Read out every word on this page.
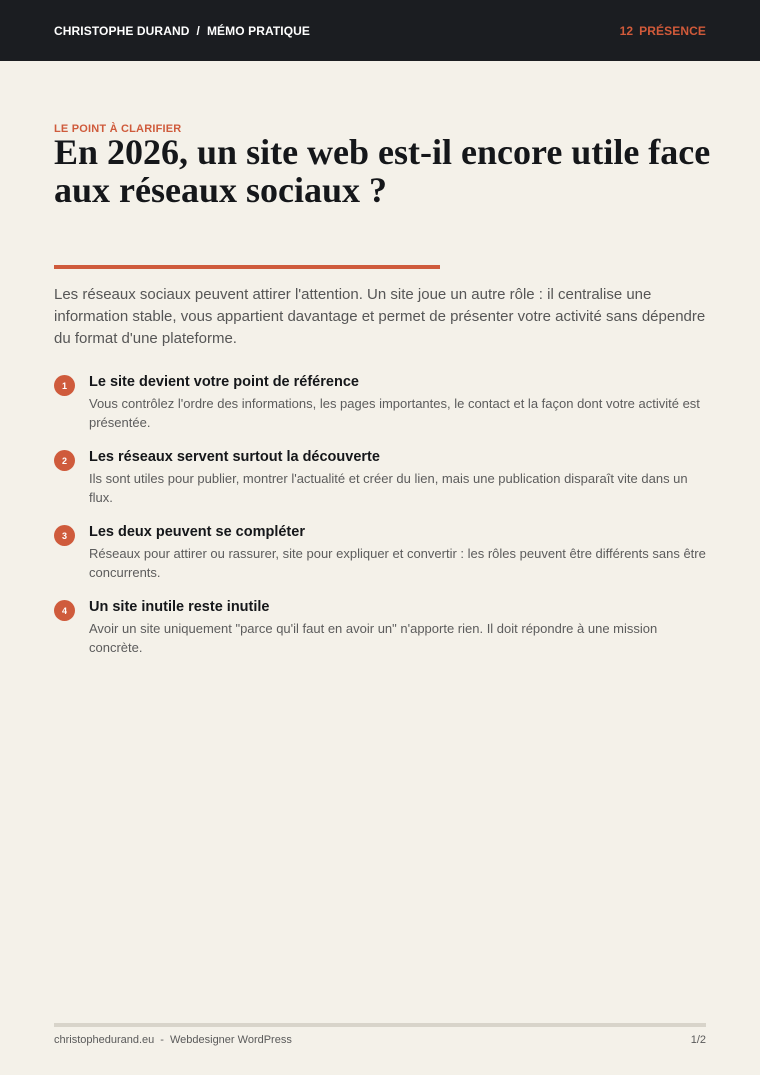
CHRISTOPHE DURAND / MÉMO PRATIQUE	12 PRÉSENCE
LE POINT À CLARIFIER
En 2026, un site web est-il encore utile face aux réseaux sociaux ?

Les réseaux sociaux peuvent attirer l'attention. Un site joue un autre rôle : il centralise une information stable, vous appartient davantage et permet de présenter votre activité sans dépendre du format d'une plateforme.

1	Le site devient votre point de référence
Vous contrôlez l'ordre des informations, les pages importantes, le contact et la façon dont votre activité est présentée.
2	Les réseaux servent surtout la découverte
Ils sont utiles pour publier, montrer l'actualité et créer du lien, mais une publication disparaît vite dans un flux.
3	Les deux peuvent se compléter
Réseaux pour attirer ou rassurer, site pour expliquer et convertir : les rôles peuvent être différents sans être concurrents.
4	Un site inutile reste inutile
Avoir un site uniquement "parce qu'il faut en avoir un" n'apporte rien. Il doit répondre à une mission concrète.
christophedurand.eu - Webdesigner WordPress	1/2
